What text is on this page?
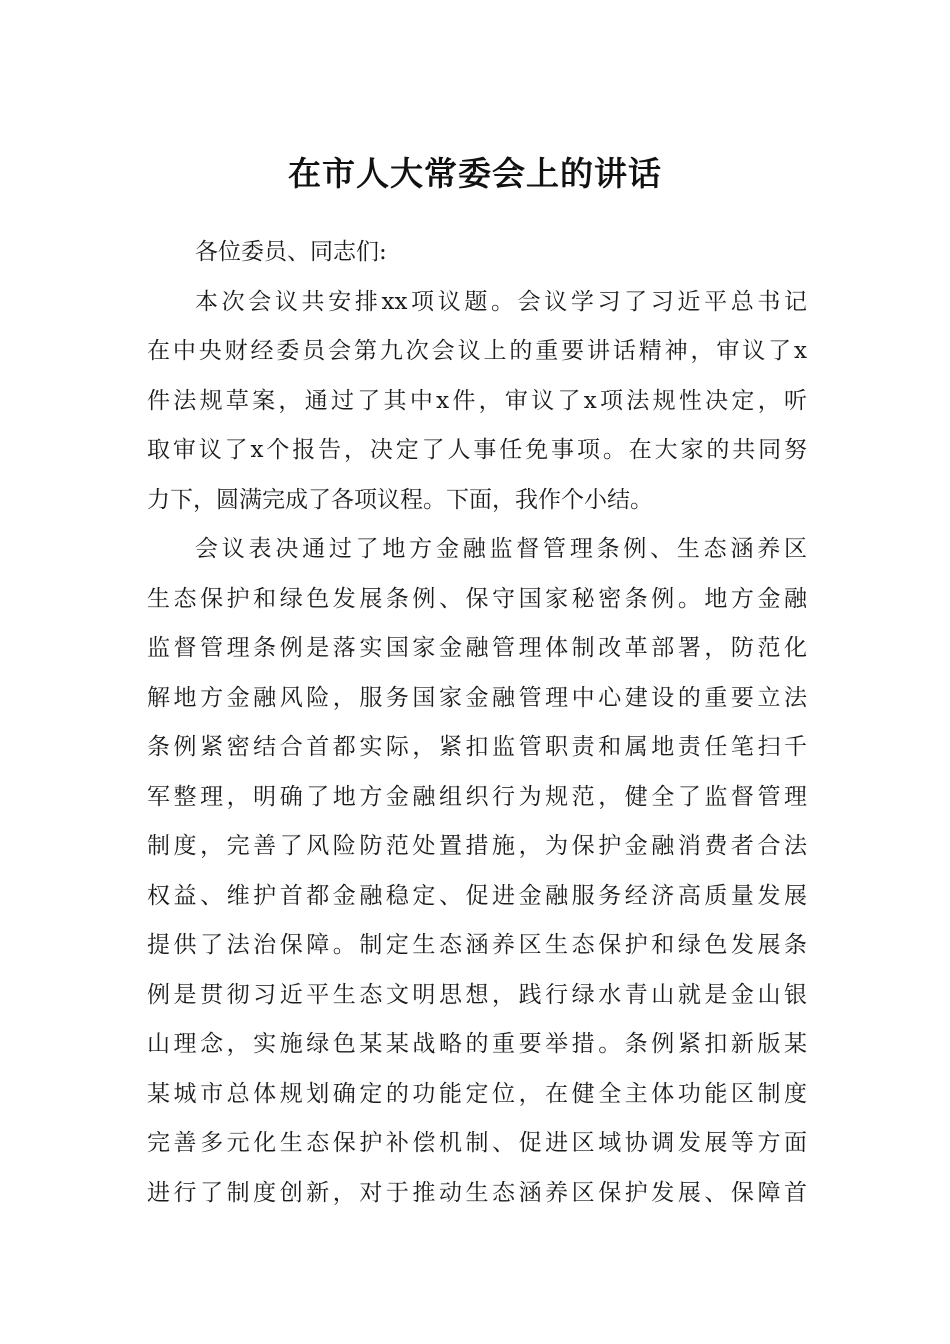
在市人大常委会上的讲话
各位委员、同志们:
本次会议共安排xx项议题。会议学习了习近平总书记
在中央财经委员会第九次会议上的重要讲话精神，审议了x
件法规草案，通过了其中x件，审议了x项法规性决定，听
取审议了x个报告，决定了人事任免事项。在大家的共同努
力下，圆满完成了各项议程。下面，我作个小结。
会议表决通过了地方金融监督管理条例、生态涵养区
生态保护和绿色发展条例、保守国家秘密条例。地方金融
监督管理条例是落实国家金融管理体制改革部署，防范化
解地方金融风险，服务国家金融管理中心建设的重要立法
条例紧密结合首都实际，紧扣监管职责和属地责任笔扫千
军整理，明确了地方金融组织行为规范，健全了监督管理
制度，完善了风险防范处置措施，为保护金融消费者合法
权益、维护首都金融稳定、促进金融服务经济高质量发展
提供了法治保障。制定生态涵养区生态保护和绿色发展条
例是贯彻习近平生态文明思想，践行绿水青山就是金山银
山理念，实施绿色某某战略的重要举措。条例紧扣新版某
某城市总体规划确定的功能定位，在健全主体功能区制度
完善多元化生态保护补偿机制、促进区域协调发展等方面
进行了制度创新，对于推动生态涵养区保护发展、保障首
